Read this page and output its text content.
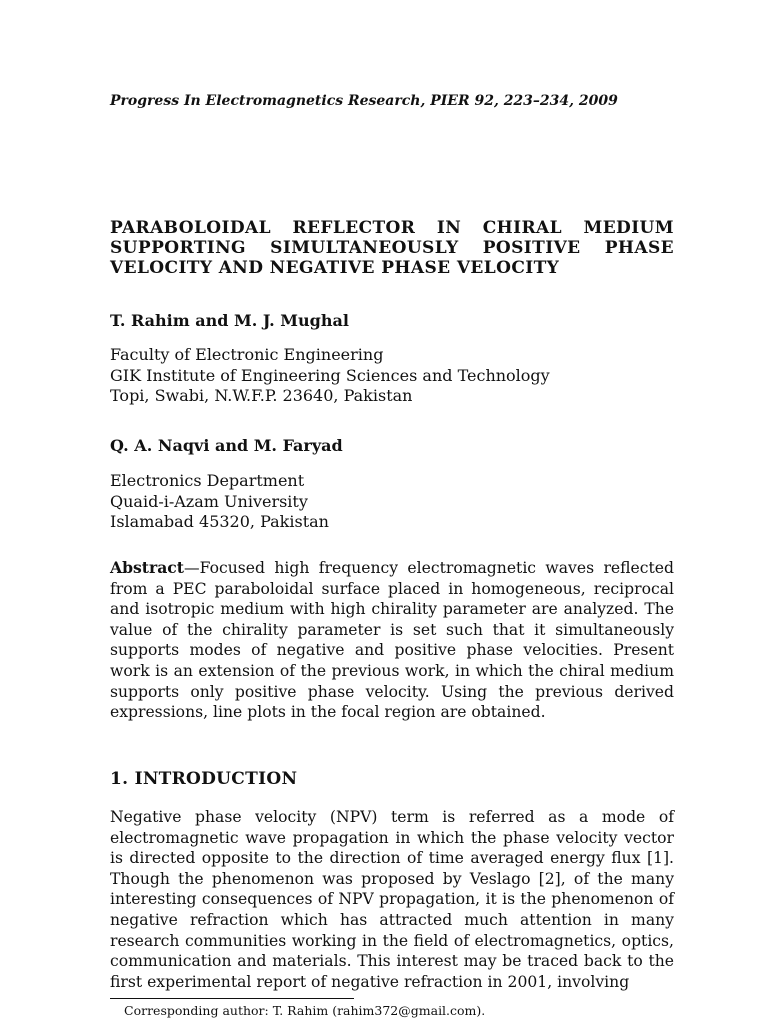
Progress In Electromagnetics Research, PIER 92, 223–234, 2009
PARABOLOIDAL REFLECTOR IN CHIRAL MEDIUM SUPPORTING SIMULTANEOUSLY POSITIVE PHASE VELOCITY AND NEGATIVE PHASE VELOCITY
T. Rahim and M. J. Mughal
Faculty of Electronic Engineering
GIK Institute of Engineering Sciences and Technology
Topi, Swabi, N.W.F.P. 23640, Pakistan
Q. A. Naqvi and M. Faryad
Electronics Department
Quaid-i-Azam University
Islamabad 45320, Pakistan
Abstract—Focused high frequency electromagnetic waves reflected from a PEC paraboloidal surface placed in homogeneous, reciprocal and isotropic medium with high chirality parameter are analyzed. The value of the chirality parameter is set such that it simultaneously supports modes of negative and positive phase velocities. Present work is an extension of the previous work, in which the chiral medium supports only positive phase velocity. Using the previous derived expressions, line plots in the focal region are obtained.
1. INTRODUCTION
Negative phase velocity (NPV) term is referred as a mode of electromagnetic wave propagation in which the phase velocity vector is directed opposite to the direction of time averaged energy flux [1]. Though the phenomenon was proposed by Veslago [2], of the many interesting consequences of NPV propagation, it is the phenomenon of negative refraction which has attracted much attention in many research communities working in the field of electromagnetics, optics, communication and materials. This interest may be traced back to the first experimental report of negative refraction in 2001, involving
Corresponding author: T. Rahim (rahim372@gmail.com).
